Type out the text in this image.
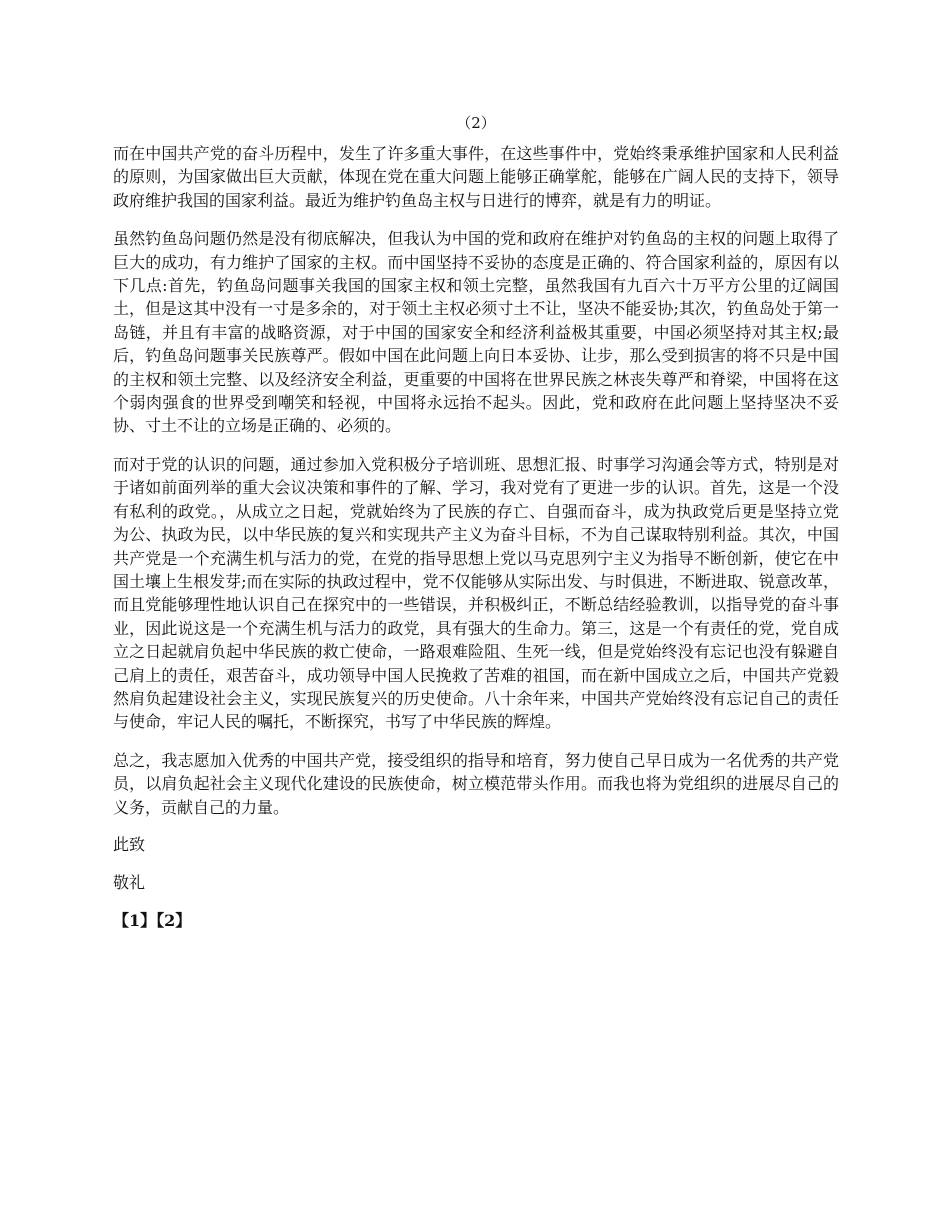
（2）

而在中国共产党的奋斗历程中，发生了许多重大事件，在这些事件中，党始终秉承维护国家和人民利益的原则，为国家做出巨大贡献，体现在党在重大问题上能够正确掌舵，能够在广阔人民的支持下，领导政府维护我国的国家利益。最近为维护钓鱼岛主权与日进行的博弈，就是有力的明证。

虽然钓鱼岛问题仍然是没有彻底解决，但我认为中国的党和政府在维护对钓鱼岛的主权的问题上取得了巨大的成功，有力维护了国家的主权。而中国坚持不妥协的态度是正确的、符合国家利益的，原因有以下几点:首先，钓鱼岛问题事关我国的国家主权和领土完整，虽然我国有九百六十万平方公里的辽阔国土，但是这其中没有一寸是多余的，对于领土主权必须寸土不让，坚决不能妥协;其次，钓鱼岛处于第一岛链，并且有丰富的战略资源，对于中国的国家安全和经济利益极其重要，中国必须坚持对其主权;最后，钓鱼岛问题事关民族尊严。假如中国在此问题上向日本妥协、让步，那么受到损害的将不只是中国的主权和领土完整、以及经济安全利益，更重要的中国将在世界民族之林丧失尊严和脊梁，中国将在这个弱肉强食的世界受到嘲笑和轻视，中国将永远抬不起头。因此，党和政府在此问题上坚持坚决不妥协、寸土不让的立场是正确的、必须的。

而对于党的认识的问题，通过参加入党积极分子培训班、思想汇报、时事学习沟通会等方式，特别是对于诸如前面列举的重大会议决策和事件的了解、学习，我对党有了更进一步的认识。首先，这是一个没有私利的政党。，从成立之日起，党就始终为了民族的存亡、自强而奋斗，成为执政党后更是坚持立党为公、执政为民，以中华民族的复兴和实现共产主义为奋斗目标，不为自己谋取特别利益。其次，中国共产党是一个充满生机与活力的党，在党的指导思想上党以马克思列宁主义为指导不断创新，使它在中国土壤上生根发芽;而在实际的执政过程中，党不仅能够从实际出发、与时俱进，不断进取、锐意改革，而且党能够理性地认识自己在探究中的一些错误，并积极纠正，不断总结经验教训，以指导党的奋斗事业，因此说这是一个充满生机与活力的政党，具有强大的生命力。第三，这是一个有责任的党，党自成立之日起就肩负起中华民族的救亡使命，一路艰难险阻、生死一线，但是党始终没有忘记也没有躲避自己肩上的责任，艰苦奋斗，成功领导中国人民挽救了苦难的祖国，而在新中国成立之后，中国共产党毅然肩负起建设社会主义，实现民族复兴的历史使命。八十余年来，中国共产党始终没有忘记自己的责任与使命，牢记人民的嘱托，不断探究，书写了中华民族的辉煌。

总之，我志愿加入优秀的中国共产党，接受组织的指导和培育，努力使自己早日成为一名优秀的共产党员，以肩负起社会主义现代化建设的民族使命，树立模范带头作用。而我也将为党组织的进展尽自己的义务，贡献自己的力量。

此致

敬礼

【1】【2】
